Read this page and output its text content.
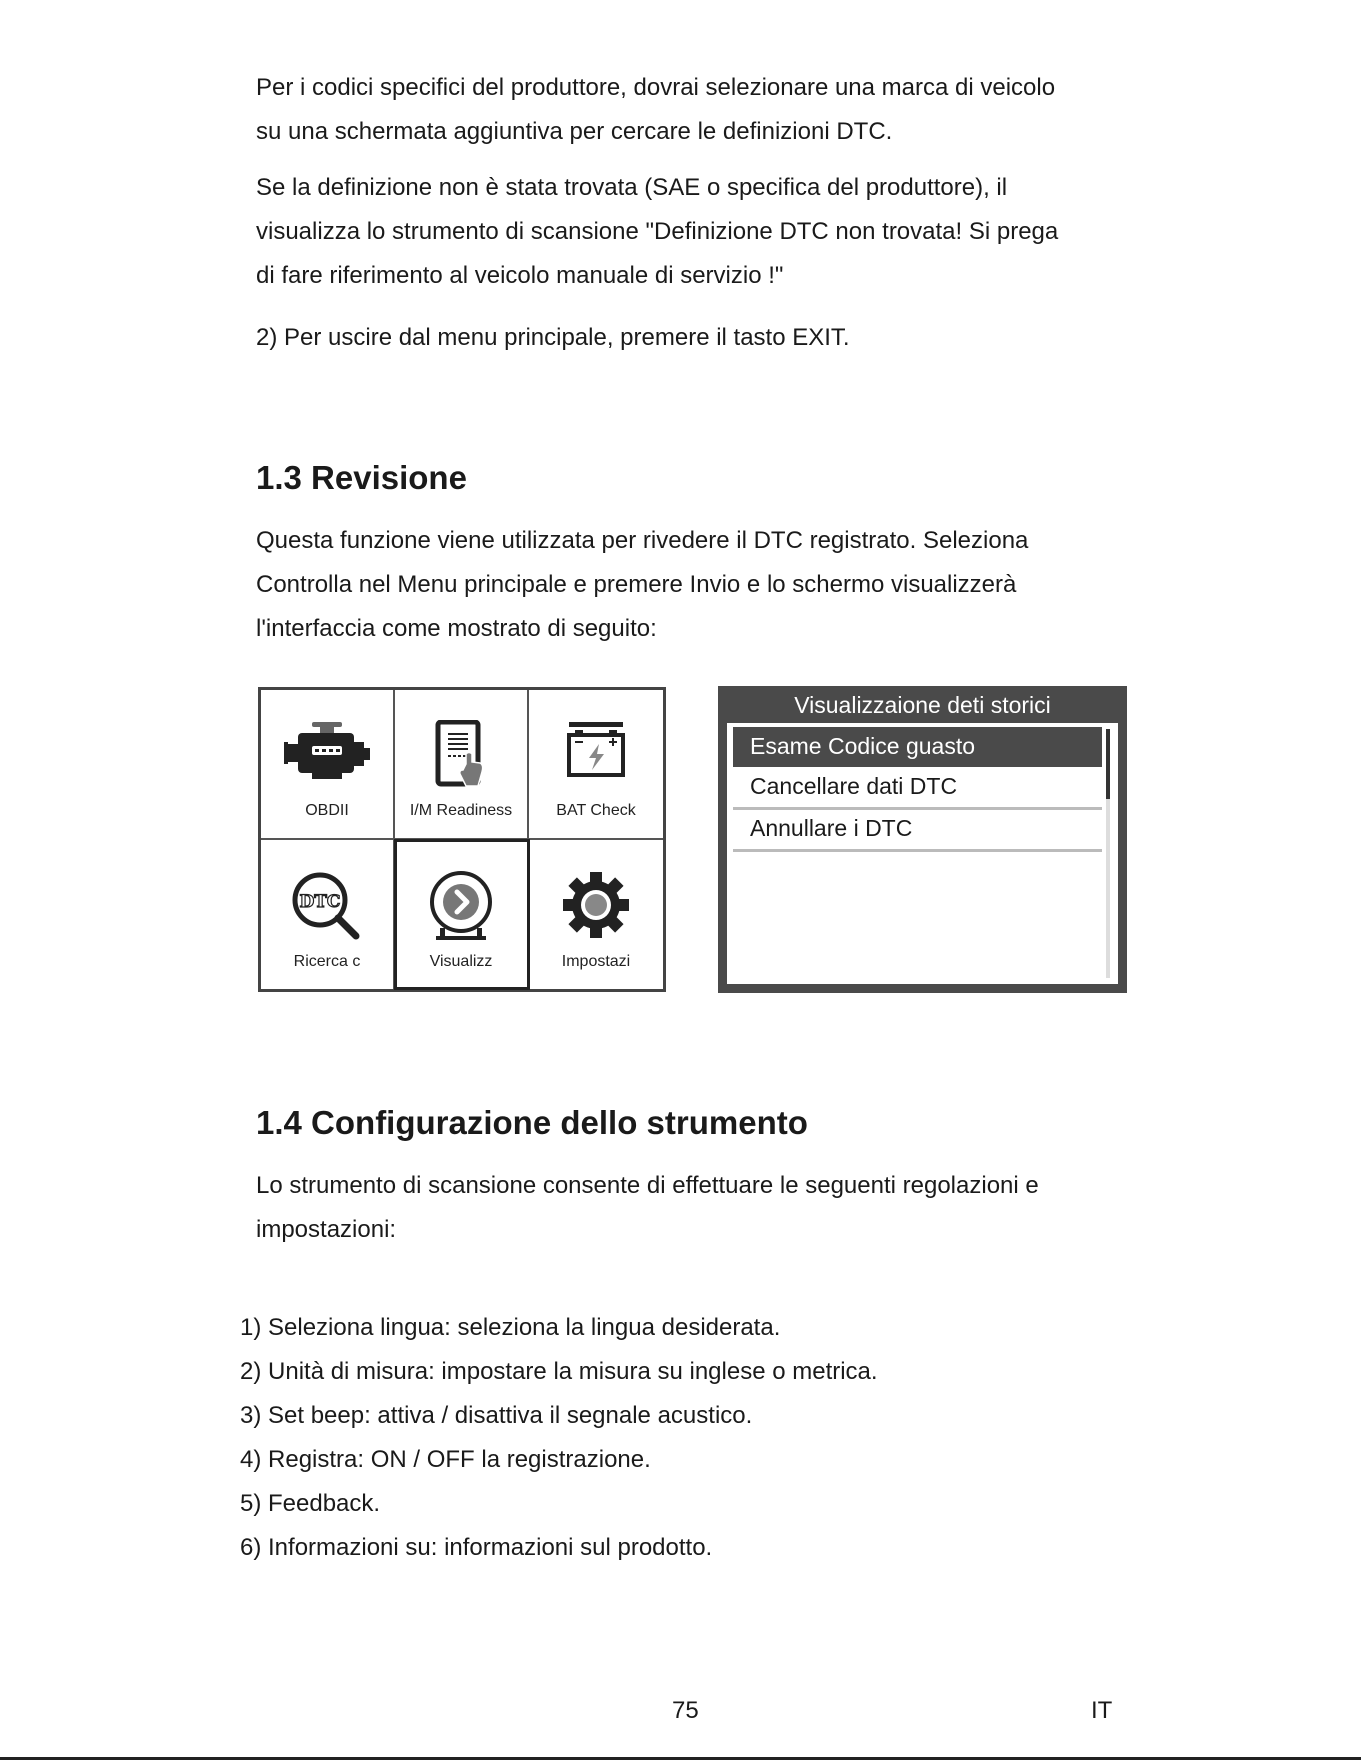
Per i codici specifici del produttore, dovrai selezionare una marca di veicolo

su una schermata aggiuntiva per cercare le definizioni DTC.

Se la definizione non è stata trovata (SAE o specifica del produttore), il

visualizza lo strumento di scansione "Definizione DTC non trovata! Si prega

di fare riferimento al veicolo manuale di servizio !"

2) Per uscire dal menu principale, premere il tasto EXIT.

1.3 Revisione

Questa funzione viene utilizzata per rivedere il DTC registrato. Seleziona

Controlla nel Menu principale e premere Invio e lo schermo visualizzerà

l'interfaccia come mostrato di seguito:

OBDII	I/M Readiness	BAT Check
DTC
Ricerca c	Visualizz	Impostazi
Visualizzaione deti storici
Esame Codice guasto
Cancellare dati DTC
Annullare i DTC
1.4 Configurazione dello strumento

Lo strumento di scansione consente di effettuare le seguenti regolazioni e

impostazioni:

1) Seleziona lingua: seleziona la lingua desiderata.

2) Unità di misura: impostare la misura su inglese o metrica.

3) Set beep: attiva / disattiva il segnale acustico.

4) Registra: ON / OFF la registrazione.

5) Feedback.

6) Informazioni su: informazioni sul prodotto.

75	IT
